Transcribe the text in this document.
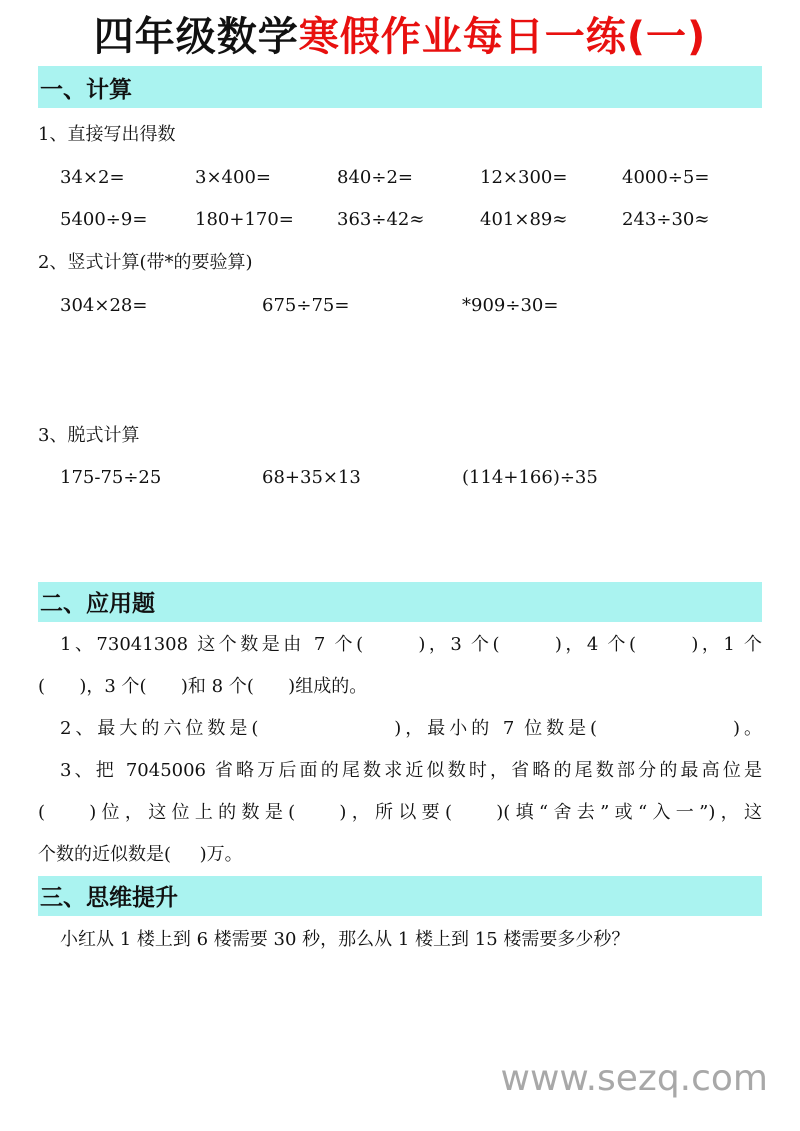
四年级数学寒假作业每日一练(一)
一、计算
1、直接写出得数
34×2=	3×400=	840÷2=	12×300=	4000÷5=
5400÷9=	180+170= 363÷42≈	401×89≈	243÷30≈
2、竖式计算(带*的要验算)
304×28=	675÷75=	*909÷30=
3、脱式计算
175-75÷25	68+35×13	(114+166)÷35
二、应用题
1、73041308 这个数是由 7 个(      )，3 个(      )，4 个(      )，1 个
(      )，3 个(      )和 8 个(      )组成的。
2、最大的六位数是(              )，最小的 7 位数是(              )。
3、把 7045006 省略万后面的尾数求近似数时，省略的尾数部分的最高位是
(    )位，这位上的数是(    )，所以要(    )(填“舍去”或“入一”)，这
个数的近似数是(     )万。
三、思维提升
小红从 1 楼上到 6 楼需要 30 秒，那么从 1 楼上到 15 楼需要多少秒？
www.sezq.com
